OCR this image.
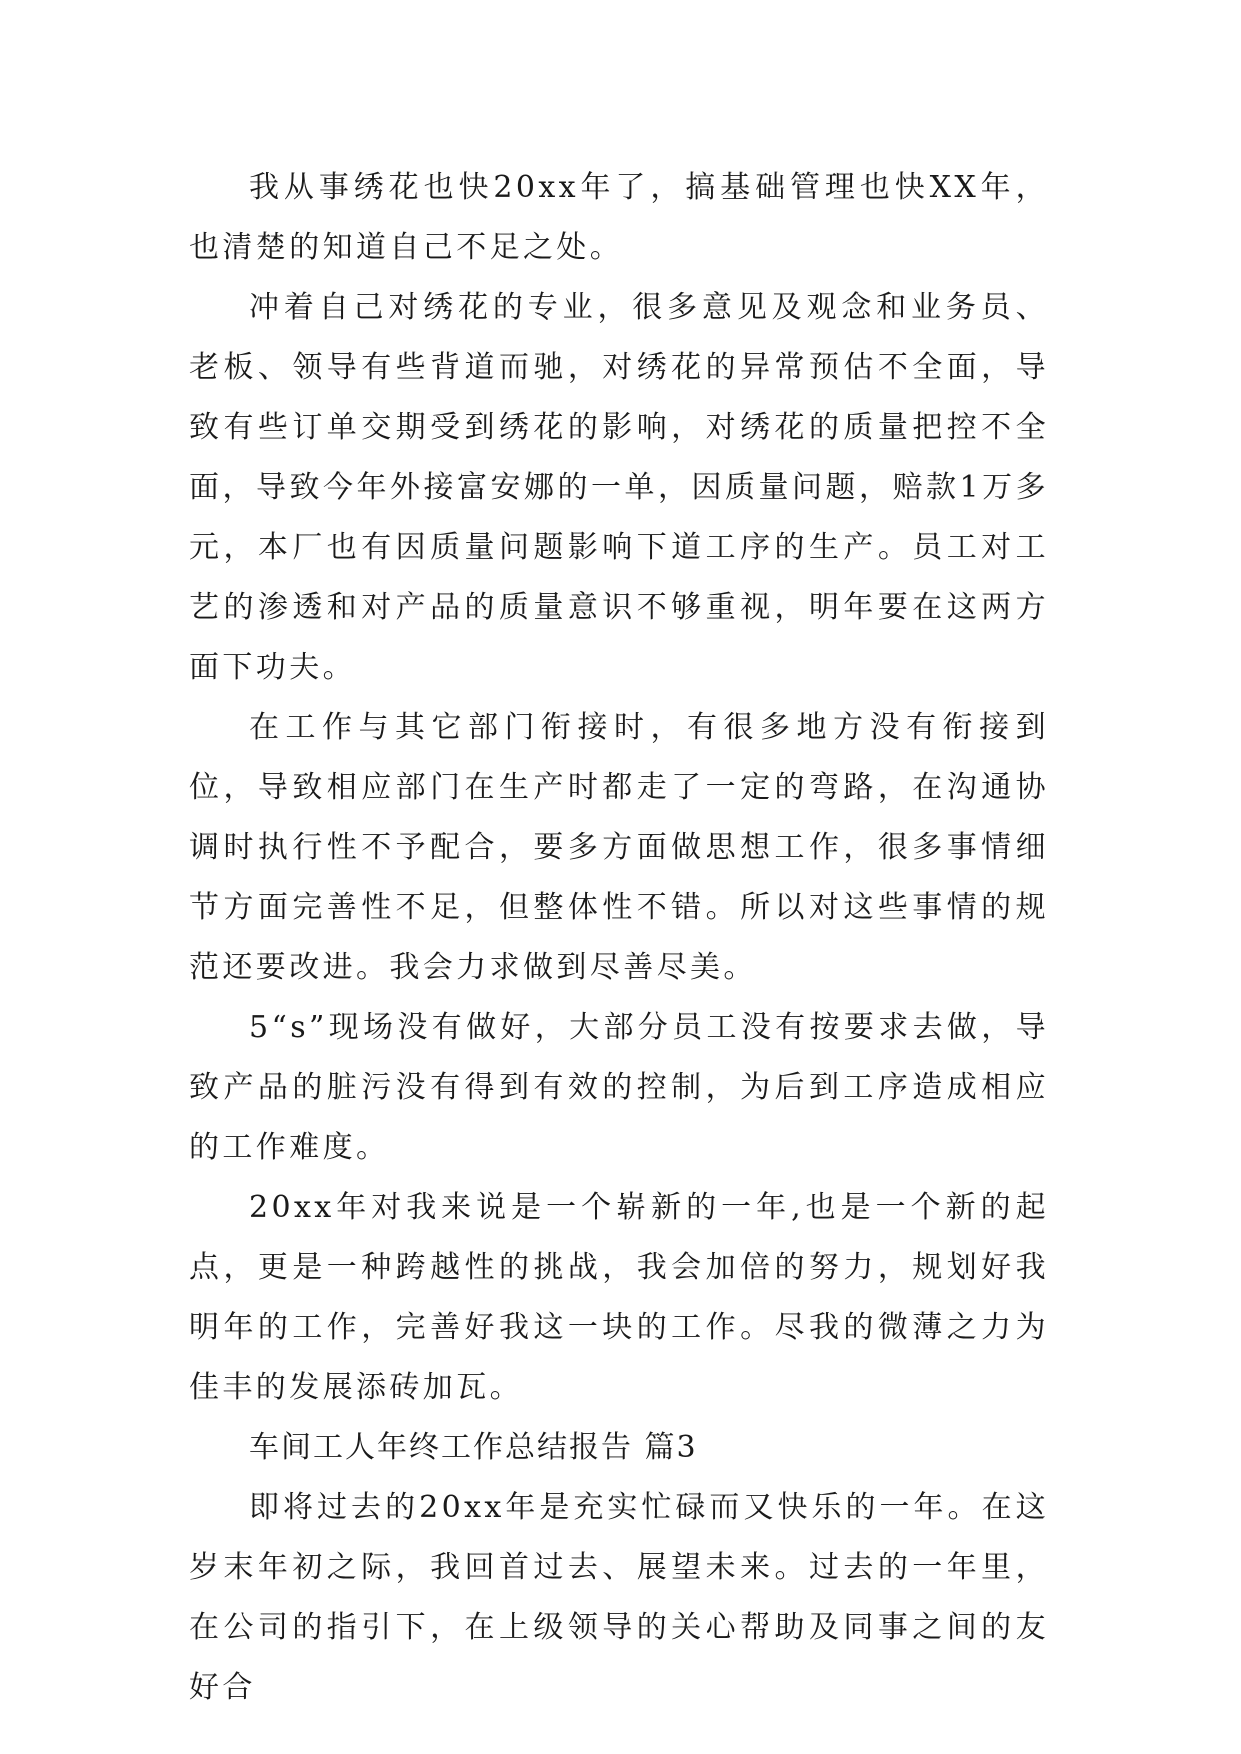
我从事绣花也快20xx年了，搞基础管理也快XX年，也清楚的知道自己不足之处。

冲着自己对绣花的专业，很多意见及观念和业务员、老板、领导有些背道而驰，对绣花的异常预估不全面，导致有些订单交期受到绣花的影响，对绣花的质量把控不全面，导致今年外接富安娜的一单，因质量问题，赔款1万多元，本厂也有因质量问题影响下道工序的生产。员工对工艺的渗透和对产品的质量意识不够重视，明年要在这两方面下功夫。

在工作与其它部门衔接时，有很多地方没有衔接到位，导致相应部门在生产时都走了一定的弯路，在沟通协调时执行性不予配合，要多方面做思想工作，很多事情细节方面完善性不足，但整体性不错。所以对这些事情的规范还要改进。我会力求做到尽善尽美。

5“s”现场没有做好，大部分员工没有按要求去做，导致产品的脏污没有得到有效的控制，为后到工序造成相应的工作难度。

20xx年对我来说是一个崭新的一年,也是一个新的起点，更是一种跨越性的挑战，我会加倍的努力，规划好我明年的工作，完善好我这一块的工作。尽我的微薄之力为佳丰的发展添砖加瓦。

车间工人年终工作总结报告 篇3

即将过去的20xx年是充实忙碌而又快乐的一年。在这岁末年初之际，我回首过去、展望未来。过去的一年里，在公司的指引下，在上级领导的关心帮助及同事之间的友好合
